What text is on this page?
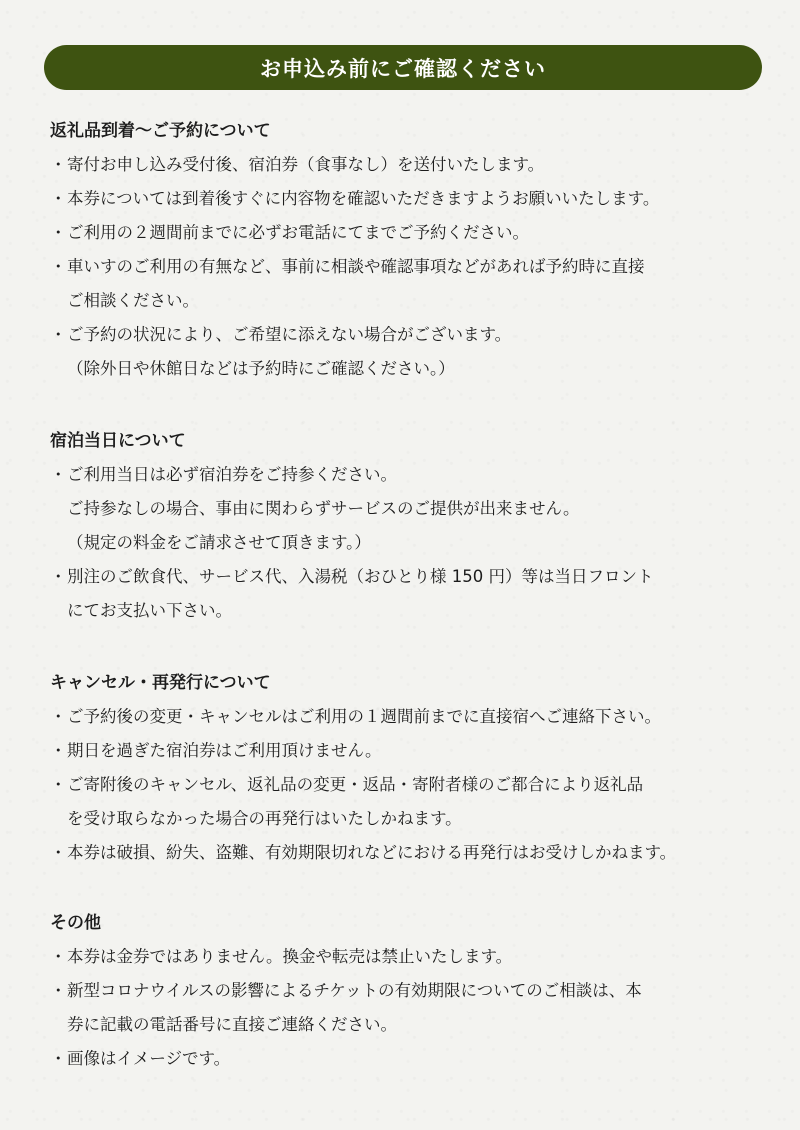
お申込み前にご確認ください
返礼品到着〜ご予約について
・寄付お申し込み受付後、宿泊券（食事なし）を送付いたします。
・本券については到着後すぐに内容物を確認いただきますようお願いいたします。
・ご利用の２週間前までに必ずお電話にてまでご予約ください。
・車いすのご利用の有無など、事前に相談や確認事項などがあれば予約時に直接
ご相談ください。
・ご予約の状況により、ご希望に添えない場合がございます。
（除外日や休館日などは予約時にご確認ください。）
宿泊当日について
・ご利用当日は必ず宿泊券をご持参ください。
ご持参なしの場合、事由に関わらずサービスのご提供が出来ません。
（規定の料金をご請求させて頂きます。）
・別注のご飲食代、サービス代、入湯税（おひとり様 150 円）等は当日フロント
にてお支払い下さい。
キャンセル・再発行について
・ご予約後の変更・キャンセルはご利用の１週間前までに直接宿へご連絡下さい。
・期日を過ぎた宿泊券はご利用頂けません。
・ご寄附後のキャンセル、返礼品の変更・返品・寄附者様のご都合により返礼品
を受け取らなかった場合の再発行はいたしかねます。
・本券は破損、紛失、盗難、有効期限切れなどにおける再発行はお受けしかねます。
その他
・本券は金券ではありません。換金や転売は禁止いたします。
・新型コロナウイルスの影響によるチケットの有効期限についてのご相談は、本
券に記載の電話番号に直接ご連絡ください。
・画像はイメージです。
